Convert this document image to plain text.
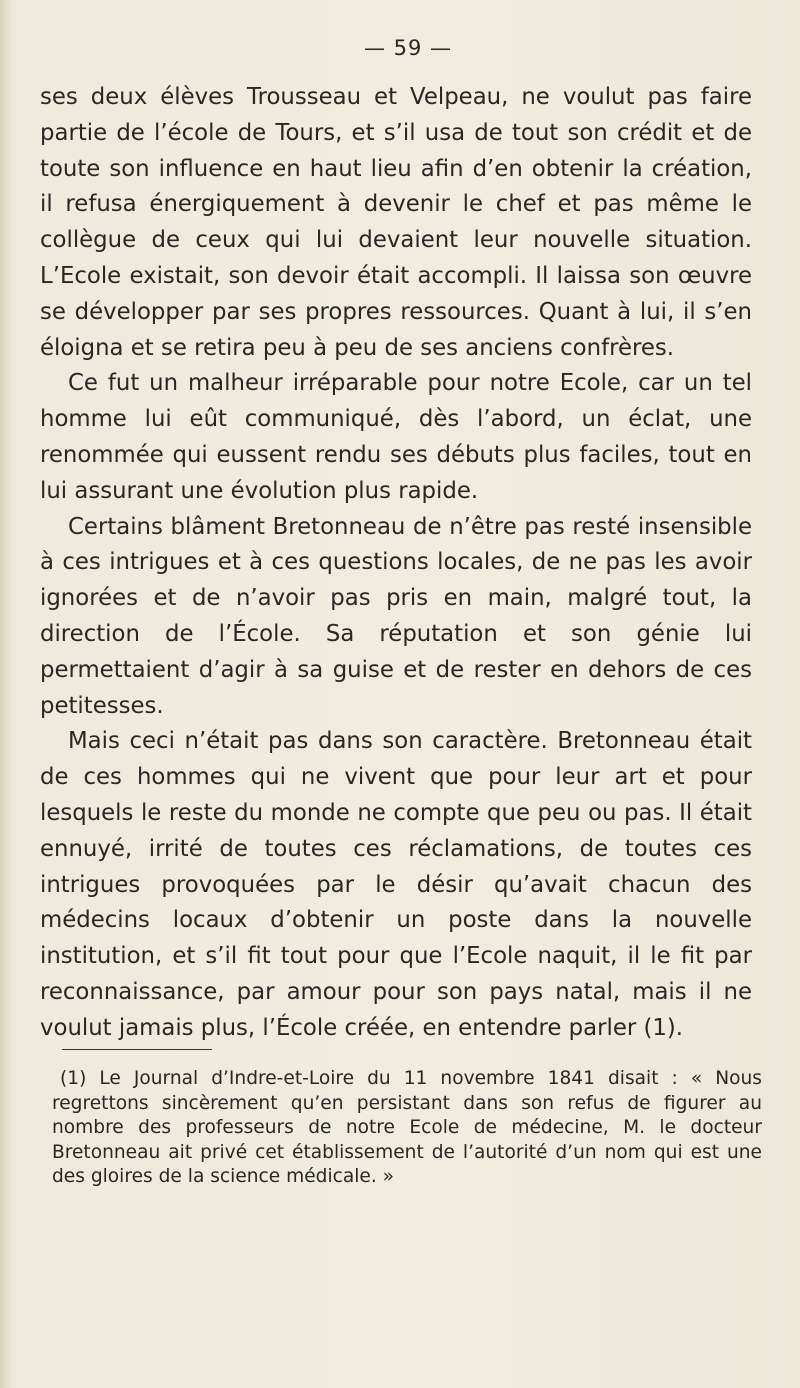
— 59 —

ses deux élèves Trousseau et Velpeau, ne voulut pas faire partie de l’école de Tours, et s’il usa de tout son crédit et de toute son influence en haut lieu afin d’en obtenir la création, il refusa énergiquement à devenir le chef et pas même le collègue de ceux qui lui devaient leur nouvelle situation. L’Ecole existait, son devoir était accompli. Il laissa son œuvre se développer par ses propres ressources. Quant à lui, il s’en éloigna et se retira peu à peu de ses anciens confrères.

Ce fut un malheur irréparable pour notre Ecole, car un tel homme lui eût communiqué, dès l’abord, un éclat, une renommée qui eussent rendu ses débuts plus faciles, tout en lui assurant une évolution plus rapide.

Certains blâment Bretonneau de n’être pas resté insensible à ces intrigues et à ces questions locales, de ne pas les avoir ignorées et de n’avoir pas pris en main, malgré tout, la direction de l’École. Sa réputation et son génie lui permettaient d’agir à sa guise et de rester en dehors de ces petitesses.

Mais ceci n’était pas dans son caractère. Bretonneau était de ces hommes qui ne vivent que pour leur art et pour lesquels le reste du monde ne compte que peu ou pas. Il était ennuyé, irrité de toutes ces réclamations, de toutes ces intrigues provoquées par le désir qu’avait chacun des médecins locaux d’obtenir un poste dans la nouvelle institution, et s’il fit tout pour que l’Ecole naquit, il le fit par reconnaissance, par amour pour son pays natal, mais il ne voulut jamais plus, l’École créée, en entendre parler (1).

(1) Le Journal d’Indre-et-Loire du 11 novembre 1841 disait : « Nous regrettons sincèrement qu’en persistant dans son refus de figurer au nombre des professeurs de notre Ecole de médecine, M. le docteur Bretonneau ait privé cet établissement de l’autorité d’un nom qui est une des gloires de la science médicale. »
